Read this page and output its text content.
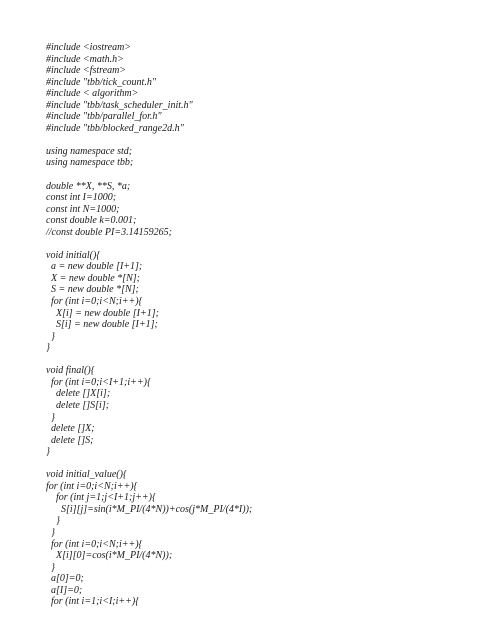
#include <iostream>
#include <math.h>
#include <fstream>
#include "tbb/tick_count.h"
#include < algorithm>
#include "tbb/task_scheduler_init.h"
#include "tbb/parallel_for.h"
#include "tbb/blocked_range2d.h"
using namespace std;
using namespace tbb;
double **X, **S, *a;
const int I=1000;
const int N=1000;
const double k=0.001;
//const double PI=3.14159265;
void initial(){
a = new double [I+1];
X = new double *[N];
S = new double *[N];
for (int i=0;i<N;i++){
X[i] = new double [I+1];
S[i] = new double [I+1];
}
}
void final(){
for (int i=0;i<I+1;i++){
delete []X[i];
delete []S[i];
}
delete []X;
delete []S;
}
void initial_value(){
for (int i=0;i<N;i++){
for (int j=1;j<I+1;j++){
S[i][j]=sin(i*M_PI/(4*N))+cos(j*M_PI/(4*I));
}
}
for (int i=0;i<N;i++){
X[i][0]=cos(i*M_PI/(4*N));
}
a[0]=0;
a[I]=0;
for (int i=1;i<I;i++){
